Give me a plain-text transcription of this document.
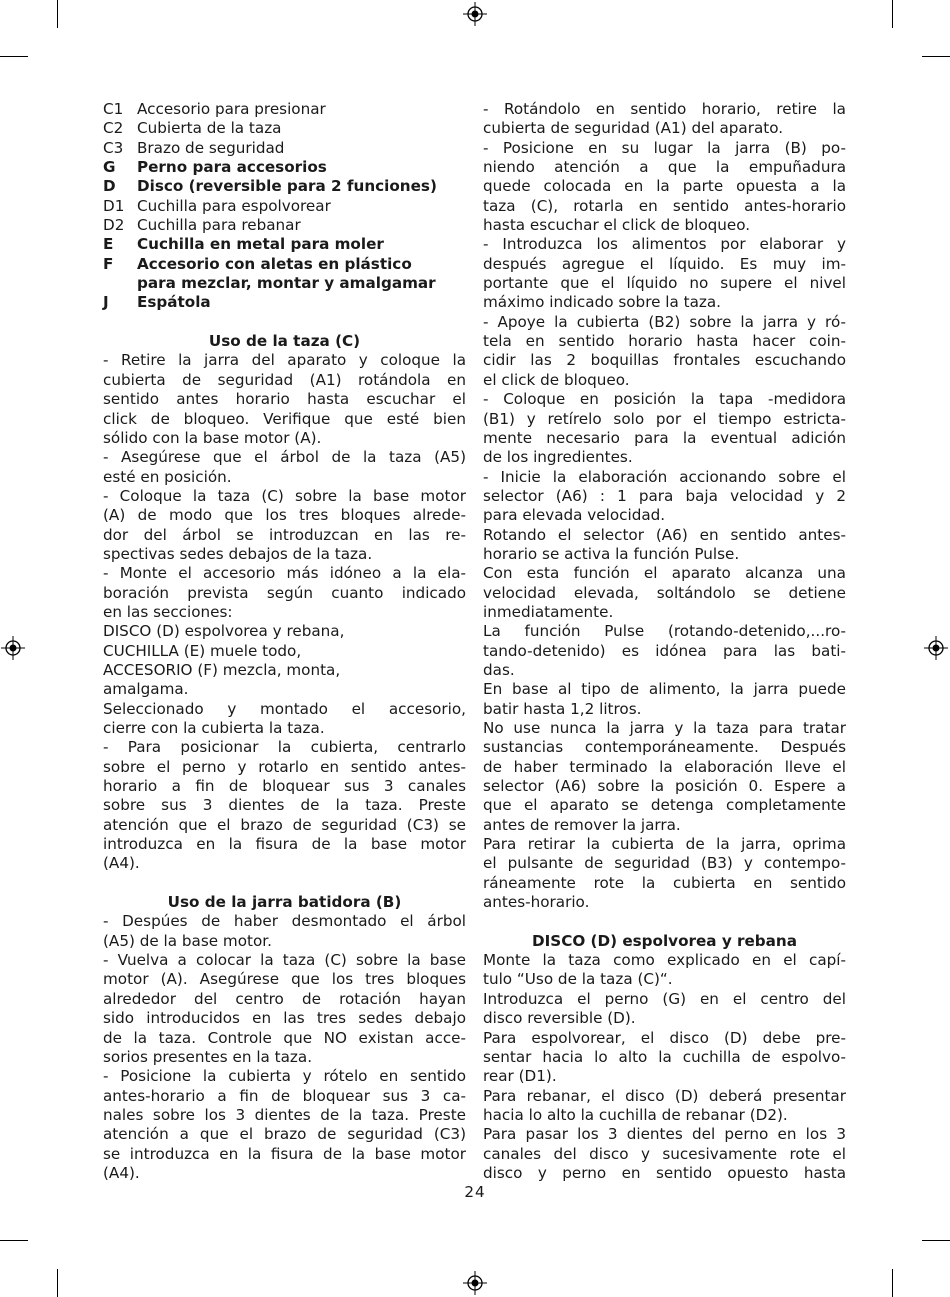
C1 Accesorio para presionar
C2 Cubierta de la taza
C3 Brazo de seguridad
G	Perno para accesorios
D	Disco (reversible para 2 funciones)
D1 Cuchilla para espolvorear
D2 Cuchilla para rebanar
E	Cuchilla en metal para moler
F	Accesorio con aletas en plástico
para mezclar, montar y amalgamar
J	Espátola
Uso de la taza (C)
- Retire la jarra del aparato y coloque la
cubierta de seguridad (A1) rotándola en
sentido antes horario hasta escuchar el
click de bloqueo. Verifique que esté bien
sólido con la base motor (A).
- Asegúrese que el árbol de la taza (A5)
esté en posición.
- Coloque la taza (C) sobre la base motor
(A) de modo que los tres bloques alrede-
dor del árbol se introduzcan en las re-
spectivas sedes debajos de la taza.
- Monte el accesorio más idóneo a la ela-
boración prevista según cuanto indicado
en las secciones:
DISCO (D) espolvorea y rebana,
CUCHILLA (E) muele todo,
ACCESORIO (F) mezcla, monta,
amalgama.
Seleccionado y montado el accesorio,
cierre con la cubierta la taza.
- Para posicionar la cubierta, centrarlo
sobre el perno y rotarlo en sentido antes-
horario a fin de bloquear sus 3 canales
sobre sus 3 dientes de la taza. Preste
atención que el brazo de seguridad (C3) se
introduzca en la fisura de la base motor
(A4).
Uso de la jarra batidora (B)
- Despúes de haber desmontado el árbol
(A5) de la base motor.
- Vuelva a colocar la taza (C) sobre la base
motor (A). Asegúrese que los tres bloques
alrededor del centro de rotación hayan
sido introducidos en las tres sedes debajo
de la taza. Controle que NO existan acce-
sorios presentes en la taza.
- Posicione la cubierta y rótelo en sentido
antes-horario a fin de bloquear sus 3 ca-
nales sobre los 3 dientes de la taza. Preste
atención a que el brazo de seguridad (C3)
se introduzca en la fisura de la base motor
(A4).
- Rotándolo en sentido horario, retire la
cubierta de seguridad (A1) del aparato.
- Posicione en su lugar la jarra (B) po-
niendo atención a que la empuñadura
quede colocada en la parte opuesta a la
taza (C), rotarla en sentido antes-horario
hasta escuchar el click de bloqueo.
- Introduzca los alimentos por elaborar y
después agregue el líquido. Es muy im-
portante que el líquido no supere el nivel
máximo indicado sobre la taza.
- Apoye la cubierta (B2) sobre la jarra y ró-
tela en sentido horario hasta hacer coin-
cidir las 2 boquillas frontales escuchando
el click de bloqueo.
- Coloque en posición la tapa -medidora
(B1) y retírelo solo por el tiempo estricta-
mente necesario para la eventual adición
de los ingredientes.
- Inicie la elaboración accionando sobre el
selector (A6) : 1 para baja velocidad y 2
para elevada velocidad.
Rotando el selector (A6) en sentido antes-
horario se activa la función Pulse.
Con esta función el aparato alcanza una
velocidad elevada, soltándolo se detiene
inmediatamente.
La función Pulse (rotando-detenido,...ro-
tando-detenido) es idónea para las bati-
das.
En base al tipo de alimento, la jarra puede
batir hasta 1,2 litros.
No use nunca la jarra y la taza para tratar
sustancias contemporáneamente. Después
de haber terminado la elaboración lleve el
selector (A6) sobre la posición 0. Espere a
que el aparato se detenga completamente
antes de remover la jarra.
Para retirar la cubierta de la jarra, oprima
el pulsante de seguridad (B3) y contempo-
ráneamente rote la cubierta en sentido
antes-horario.
DISCO (D) espolvorea y rebana
Monte la taza como explicado en el capí-
tulo “Uso de la taza (C)“.
Introduzca el perno (G) en el centro del
disco reversible (D).
Para espolvorear, el disco (D) debe pre-
sentar hacia lo alto la cuchilla de espolvo-
rear (D1).
Para rebanar, el disco (D) deberá presentar
hacia lo alto la cuchilla de rebanar (D2).
Para pasar los 3 dientes del perno en los 3
canales del disco y sucesivamente rote el
disco y perno en sentido opuesto hasta
24
